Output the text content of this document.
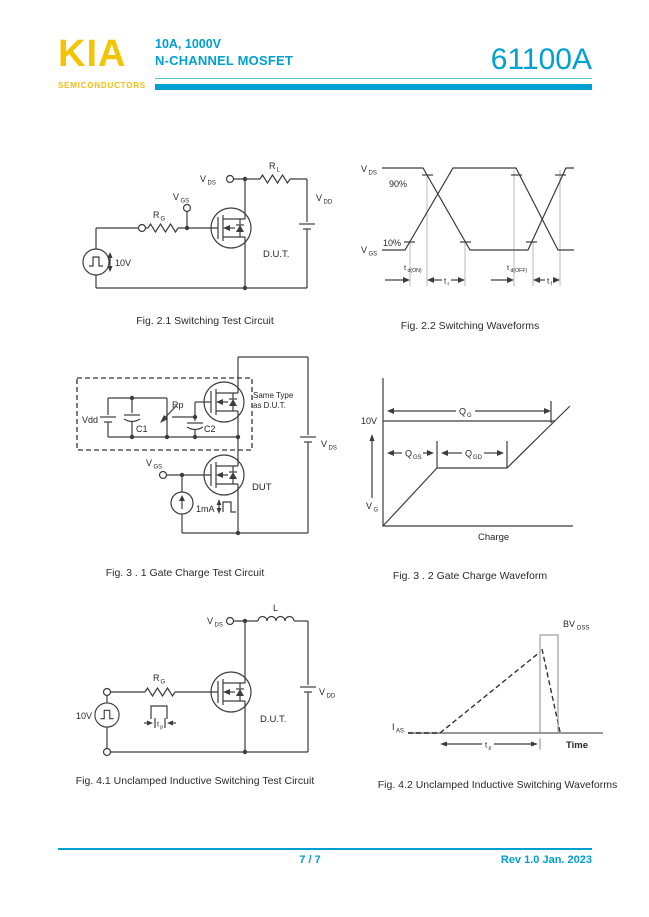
KIA
SEMICONDUCTORS
10A, 1000V
N-CHANNEL MOSFET	61100A
V DS
R L
V DD
V GS
R G
10V
D.U.T.
Fig. 2.1 Switching Test Circuit
V DS
V GS
90%
10%
t d(ON)
t r
t d(OFF)
t f
Fig. 2.2 Switching Waveforms
Vdd
C1
Rp
C2
Same Type
as D.U.T.
V GS
DUT
1mA
V DS
Fig. 3 . 1 Gate Charge Test Circuit
10V
V G
Q G
Q GS	Q GD
Charge
Fig. 3 . 2 Gate Charge Waveform
V DS
L
V DD
R G
10V
t p
D.U.T.
Fig. 4.1 Unclamped Inductive Switching Test Circuit
BV DSS
I AS
t p	Time
Fig. 4.2 Unclamped Inductive Switching Waveforms
7 / 7	Rev 1.0 Jan. 2023
